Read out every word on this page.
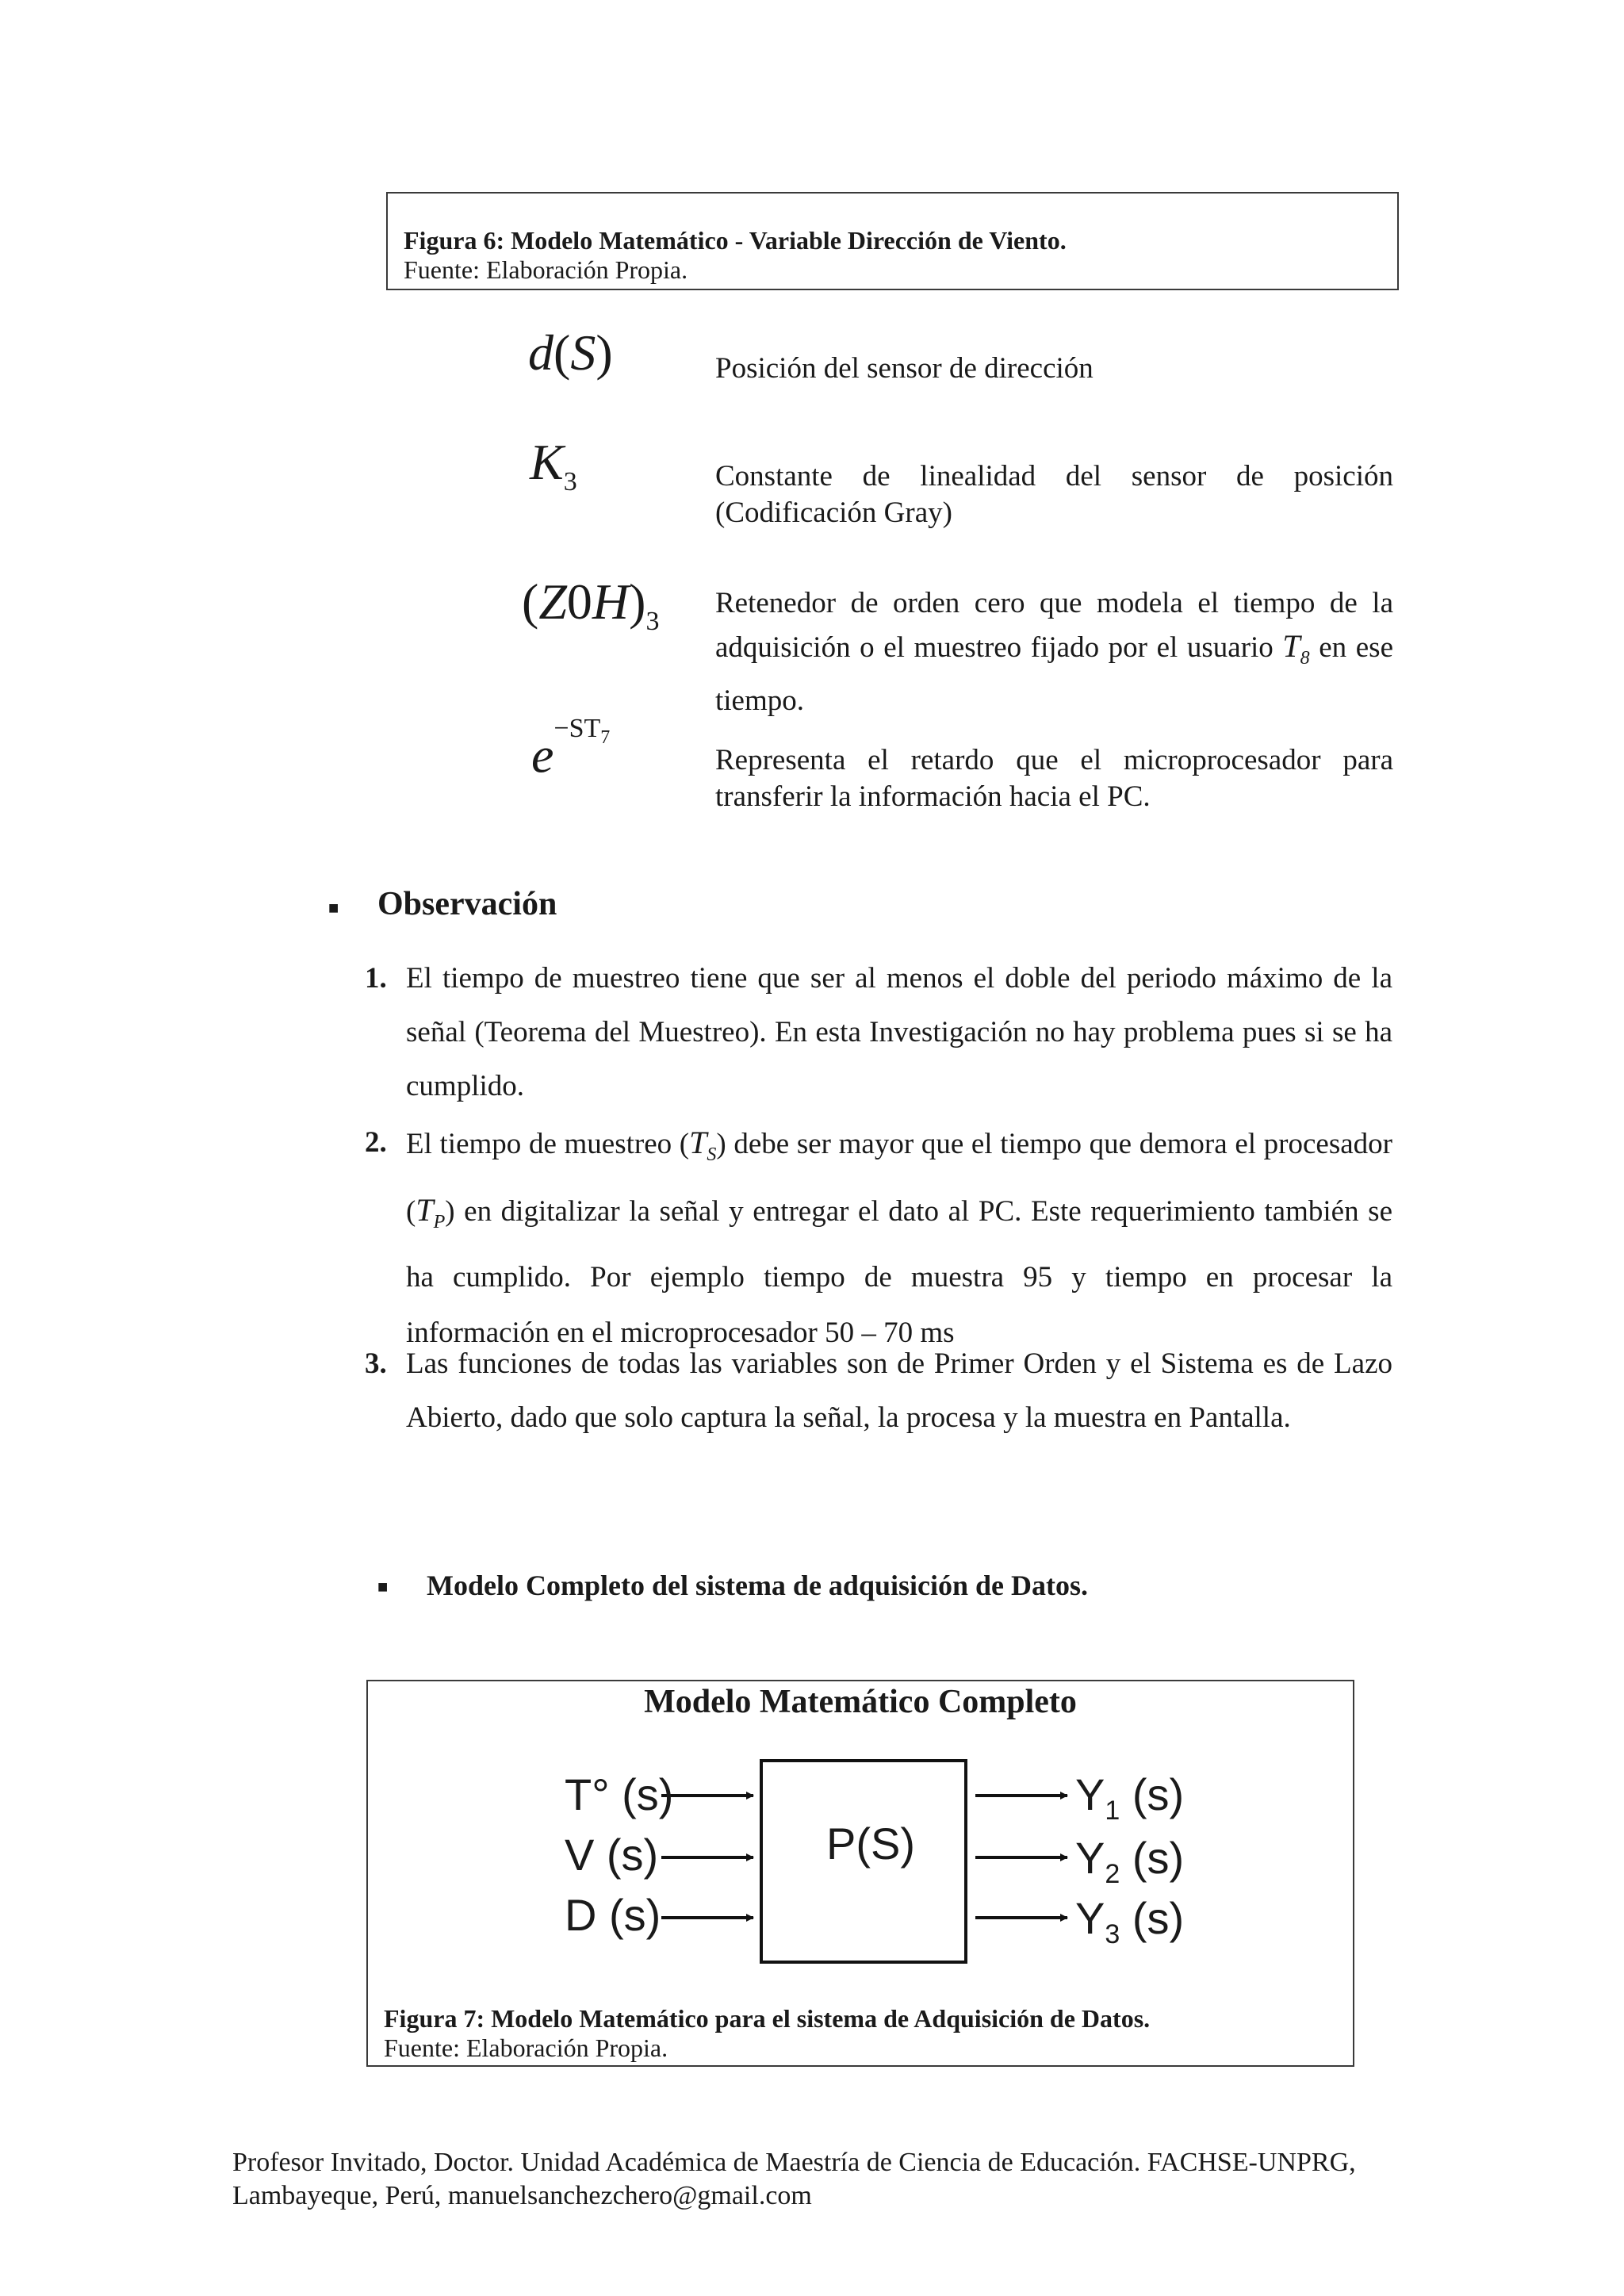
Figura 6: Modelo Matemático - Variable Dirección de Viento.
Fuente: Elaboración Propia.
d(S)	Posición del sensor de dirección
$K_3$	Constante de linealidad del sensor de posición (Codificación Gray)
$(Z0H)_3$
Retenedor de orden cero que modela el tiempo de la adquisición o el muestreo fijado por el usuario $T_8$ en ese tiempo.
$e^{-ST_7}$
Representa el retardo que el microprocesador para transferir la información hacia el PC.
■ Observación

1. El tiempo de muestreo tiene que ser al menos el doble del periodo máximo de la señal (Teorema del Muestreo). En esta Investigación no hay problema pues si se ha cumplido.

2. El tiempo de muestreo $(T_S)$ debe ser mayor que el tiempo que demora el procesador $(T_P)$ en digitalizar la señal y entregar el dato al PC. Este requerimiento también se ha cumplido. Por ejemplo tiempo de muestra 95 y tiempo en procesar la información en el microprocesador 50 – 70 ms

3. Las funciones de todas las variables son de Primer Orden y el Sistema es de Lazo Abierto, dado que solo captura la señal, la procesa y la muestra en Pantalla.

■ Modelo Completo del sistema de adquisición de Datos.
Modelo Matemático Completo
T° (s)
V (s)
D (s)
P(S)
$Y_1$ (s)
$Y_2$ (s)
$Y_3$ (s)
Figura 7: Modelo Matemático para el sistema de Adquisición de Datos.
Fuente: Elaboración Propia.
Profesor Invitado, Doctor. Unidad Académica de Maestría de Ciencia de Educación. FACHSE-UNPRG,
Lambayeque, Perú, manuelsanchezchero@gmail.com
